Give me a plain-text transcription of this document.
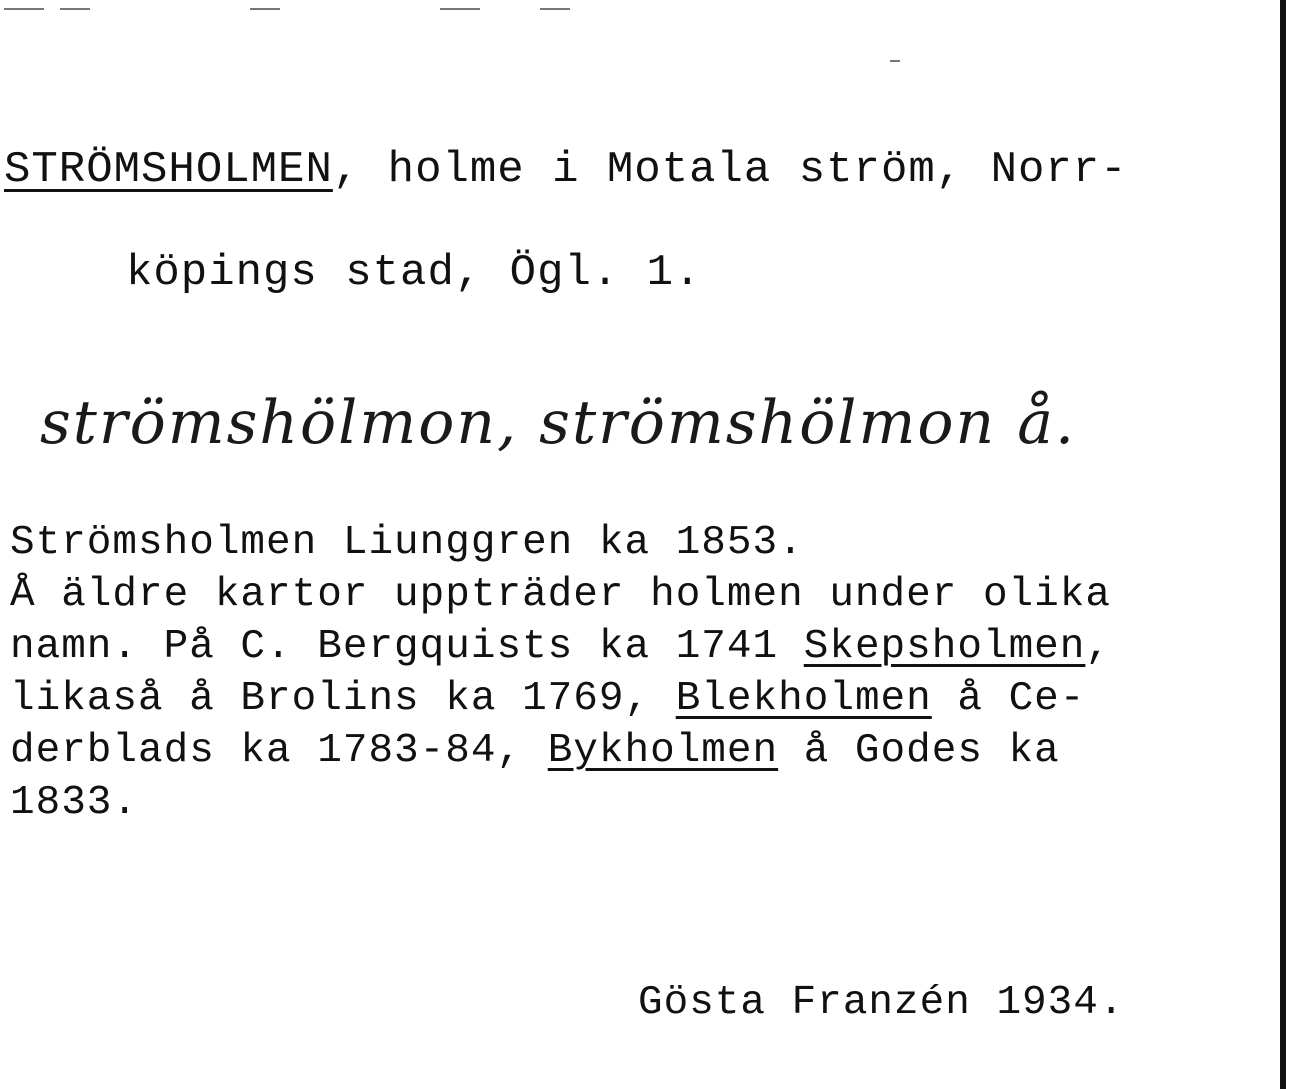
STRÖMSHOLMEN, holme i Motala ström, Norr-
köpings stad, Ögl. 1.
strömshölmon, strömshölmon å.
Strömsholmen Liunggren ka 1853.
Å äldre kartor uppträder holmen under olika
namn. På C. Bergquists ka 1741 Skepsholmen,
likaså å Brolins ka 1769, Blekholmen å Ce-
derblads ka 1783-84, Bykholmen å Godes ka
1833.
Gösta Franzén 1934.
